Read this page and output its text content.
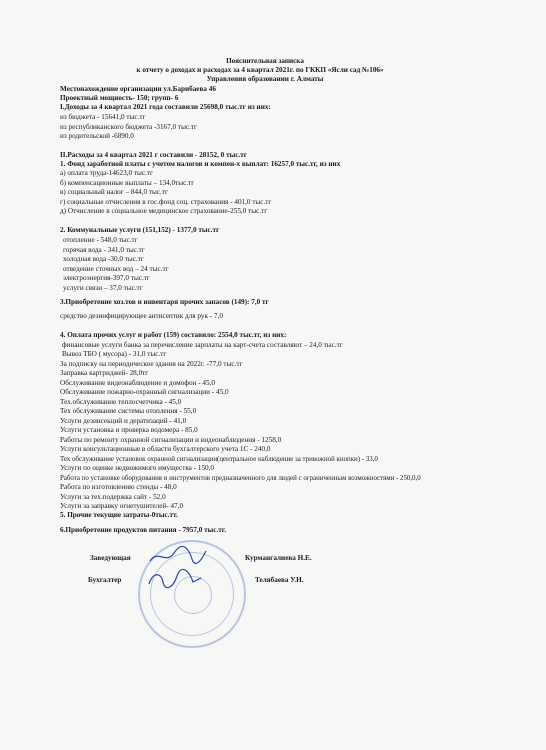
Пояснительная записка
к отчету о доходах и расходах за 4 квартал 2021г. по ГККП «Ясли сад №106»
Управления образовании г. Алматы
Местонахождение организации ул.Барибаева 46
Проектный мощность- 150; групп- 6
I.Доходы за 4 квартал 2021 года составили 25698,0 тыс.тг из них:
из бюджета - 15641,0 тыс.тг
из республиканского бюджета -3167,0 тыс.тг
из родительской -6890,0
II.Расходы за 4 квартал 2021 г составили - 28152, 0 тыс.тг
1. Фонд заработной платы с учетом налогов и компен-х выплат: 16257,0 тыс.тг, из них
а) оплата труда-14623,0 тыс.тг
б) компенсационные выплаты – 134,0тыс.тг
в) социальный налог – 844,0 тыс.тг
г) социальные отчисления в гос.фонд соц. страхования - 401,0 тыс.тг
д) Отчисление в социальное медицинское страхование-255,0 тыс.тг
2. Коммунальные услуги (151,152) - 1377,0 тыс.тг
отопление - 548,0 тыс.тг
горячая вода - 341,0 тыс.тг
холодная вода -30,0 тыс.тг
отведение сточных вод – 24 тыс.тг
электроэнергия-397,0 тыс.тг
услуги связи – 37,0 тыс.тг
3.Приобретение хоз.тов и инвентаря прочих запасов (149): 7,0 тг
средство дезинфицирующее антисептик для рук - 7,0
4. Оплата прочих услуг и работ (159) составило: 2554,0 тыс.тг, из них:
финансовые услуги банка за перечисление зарплаты на карт-счета составляют – 24,0 тыс.тг
Вывоз ТБО ( мусора) - 31,0 тыс.тг
За подписку на периодическое здания на 2022г. -77,0 тыс.тг
Заправка картриджей- 28,0тг
Обслуживание видеонаблюдение и домофон - 45,0
Обслуживание пожарно-охранный сигнализации - 45,0
Тех.обслуживание теплосчетчика - 45,0
Тех обслуживание системы отопления - 55,0
Услуги дезинсекций и дератизаций - 41,0
Услуги установка и проверка водомера - 85,0
Работы по ремонту охранной сигнализации и видеонаблюдения - 1258,0
Услуги консультационные в области бухгалтерского учета 1С - 240,0
Тех обслуживание установок охранной сигнализации(центральное наблюдение за тривожной кнопки) - 33,0
Услуги по оценке недвижимого имущества - 150,0
Работа по установке оборудования и инструментов предназначенного для людей с ограниченным возможностями - 250,0,0
Работа по изготовлению стенды - 48,0
Услуги за тех.подержка сайт - 52,0
Услуги за заправку огнетушителей- 47,0
5. Прочие текущие затраты-0тыс.тт.
6.Приобретение продуктов питания - 7957,0 тыс.тг.
Заведующая	Курмангалиева Н.Е.
Бухгалтер	Телябаева У.Н.
